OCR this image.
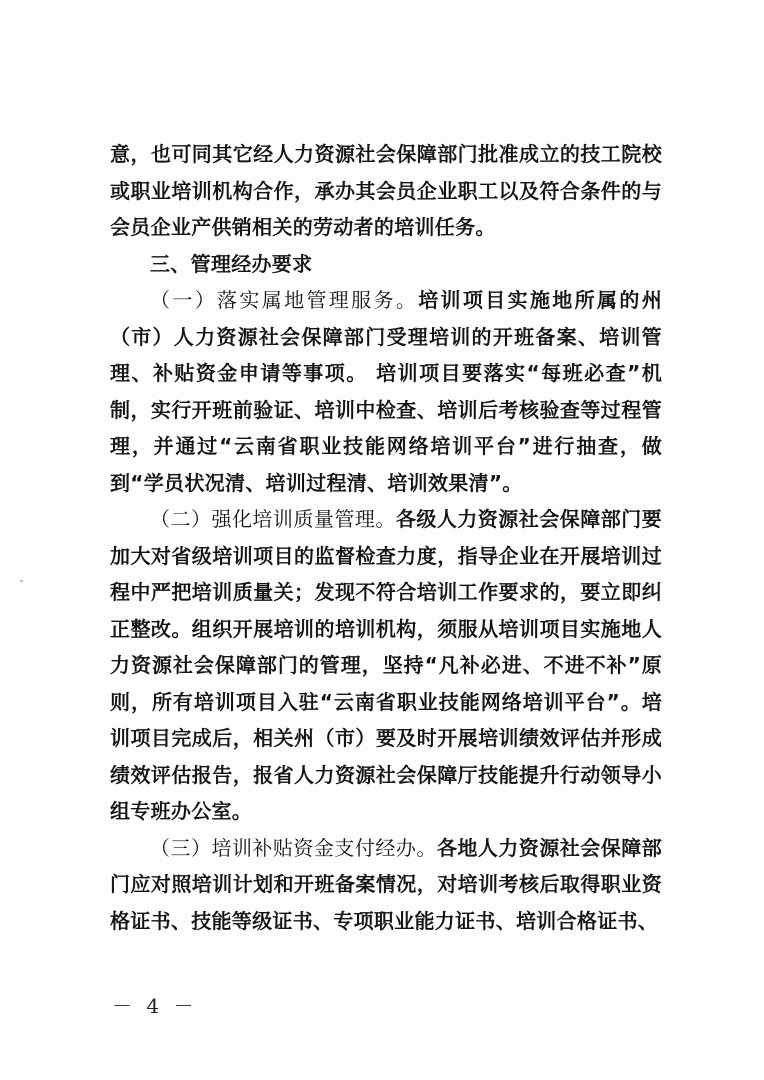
意，也可同其它经人力资源社会保障部门批准成立的技工院校或职业培训机构合作，承办其会员企业职工以及符合条件的与会员企业产供销相关的劳动者的培训任务。

三、管理经办要求

（一）落实属地管理服务。培训项目实施地所属的州（市）人力资源社会保障部门受理培训的开班备案、培训管理、补贴资金申请等事项。 培训项目要落实“每班必查”机制，实行开班前验证、培训中检查、培训后考核验查等过程管理，并通过“云南省职业技能网络培训平台”进行抽查，做到“学员状况清、培训过程清、培训效果清”。

（二）强化培训质量管理。各级人力资源社会保障部门要加大对省级培训项目的监督检查力度，指导企业在开展培训过程中严把培训质量关；发现不符合培训工作要求的，要立即纠正整改。组织开展培训的培训机构，须服从培训项目实施地人力资源社会保障部门的管理，坚持“凡补必进、不进不补”原则，所有培训项目入驻“云南省职业技能网络培训平台”。培训项目完成后，相关州（市）要及时开展培训绩效评估并形成绩效评估报告，报省人力资源社会保障厅技能提升行动领导小组专班办公室。

（三）培训补贴资金支付经办。各地人力资源社会保障部门应对照培训计划和开班备案情况，对培训考核后取得职业资格证书、技能等级证书、专项职业能力证书、培训合格证书、

－ 4 －
